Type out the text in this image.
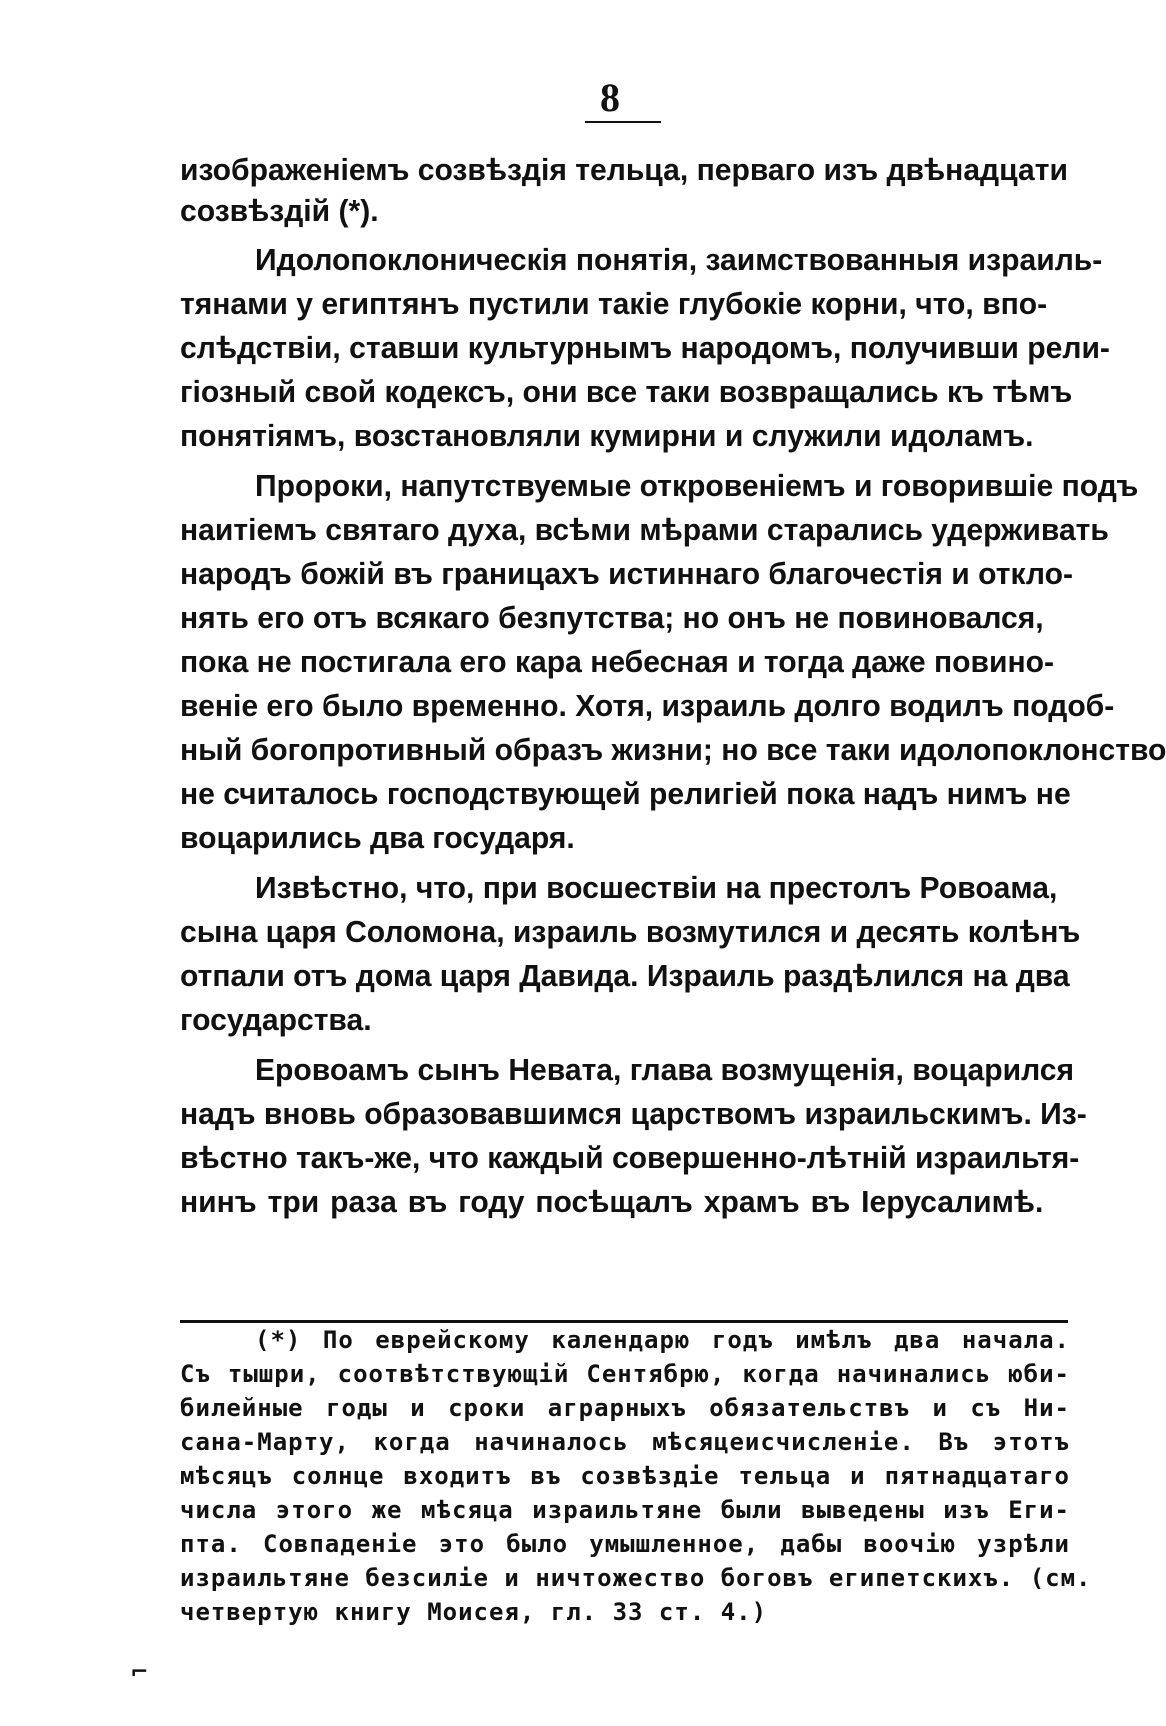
8
изображеніемъ созвѣздія тельца, перваго изъ двѣнадцати
созвѣздій (*).
Идолопоклоническія понятія, заимствованныя израиль-
тянами у египтянъ пустили такіе глубокіе корни, что, впо-
слѣдствіи, ставши культурнымъ народомъ, получивши рели-
гіозный свой кодексъ, они все таки возвращались къ тѣмъ
понятіямъ, возстановляли кумирни и служили идоламъ.
Пророки, напутствуемые откровеніемъ и говорившіе подъ
наитіемъ святаго духа, всѣми мѣрами старались удерживать
народъ божій въ границахъ истиннаго благочестія и откло-
нять его отъ всякаго безпутства; но онъ не повиновался,
пока не постигала его кара небесная и тогда даже повино-
веніе его было временно. Хотя, израиль долго водилъ подоб-
ный богопротивный образъ жизни; но все таки идолопоклонство
не считалось господствующей религіей пока надъ нимъ не
воцарились два государя.
Извѣстно, что, при восшествіи на престолъ Ровоама,
сына царя Соломона, израиль возмутился и десять колѣнъ
отпали отъ дома царя Давида. Израиль раздѣлился на два
государства.
Еровоамъ сынъ Невата, глава возмущенія, воцарился
надъ вновь образовавшимся царствомъ израильскимъ. Из-
вѣстно такъ-же, что каждый совершенно-лѣтній израильтя-
нинъ три раза въ году посѣщалъ храмъ въ Іерусалимѣ.
(*) По еврейскому календарю годъ имѣлъ два начала.
Съ тышри, соотвѣтствующій Сентябрю, когда начинались юби-
билейные годы и сроки аграрныхъ обязательствъ и съ Ни-
сана-Марту, когда начиналось мѣсяцеисчисленіе. Въ этотъ
мѣсяцъ солнце входитъ въ созвѣздіе тельца и пятнадцатаго
числа этого же мѣсяца израильтяне были выведены изъ Еги-
пта. Совпаденіе это было умышленное, дабы воочію узрѣли
израильтяне безсиліе и ничтожество боговъ египетскихъ. (см.
четвертую книгу Моисея, гл. 33 ст. 4.)
⌐
